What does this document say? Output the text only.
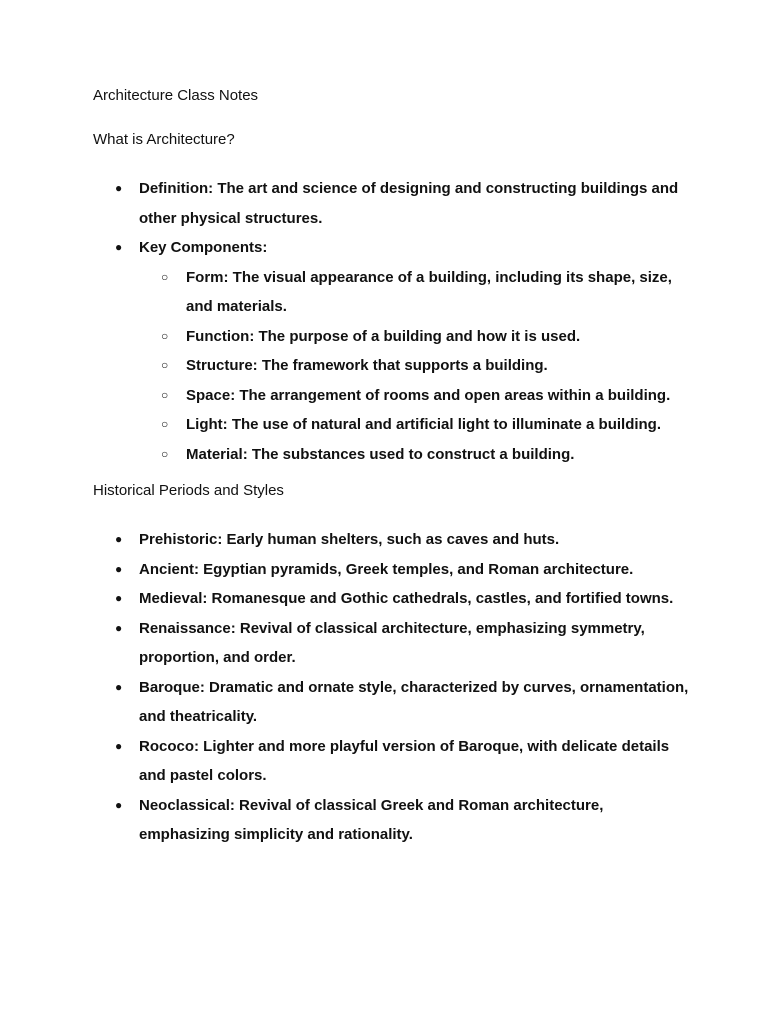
Architecture Class Notes

What is Architecture?

● Definition: The art and science of designing and constructing buildings and other physical structures.
● Key Components:
○ Form: The visual appearance of a building, including its shape, size, and materials.
○ Function: The purpose of a building and how it is used.
○ Structure: The framework that supports a building.
○ Space: The arrangement of rooms and open areas within a building.
○ Light: The use of natural and artificial light to illuminate a building.
○ Material: The substances used to construct a building.

Historical Periods and Styles

● Prehistoric: Early human shelters, such as caves and huts.
● Ancient: Egyptian pyramids, Greek temples, and Roman architecture.
● Medieval: Romanesque and Gothic cathedrals, castles, and fortified towns.
● Renaissance: Revival of classical architecture, emphasizing symmetry, proportion, and order.
● Baroque: Dramatic and ornate style, characterized by curves, ornamentation, and theatricality.
● Rococo: Lighter and more playful version of Baroque, with delicate details and pastel colors.
● Neoclassical: Revival of classical Greek and Roman architecture, emphasizing simplicity and rationality.
